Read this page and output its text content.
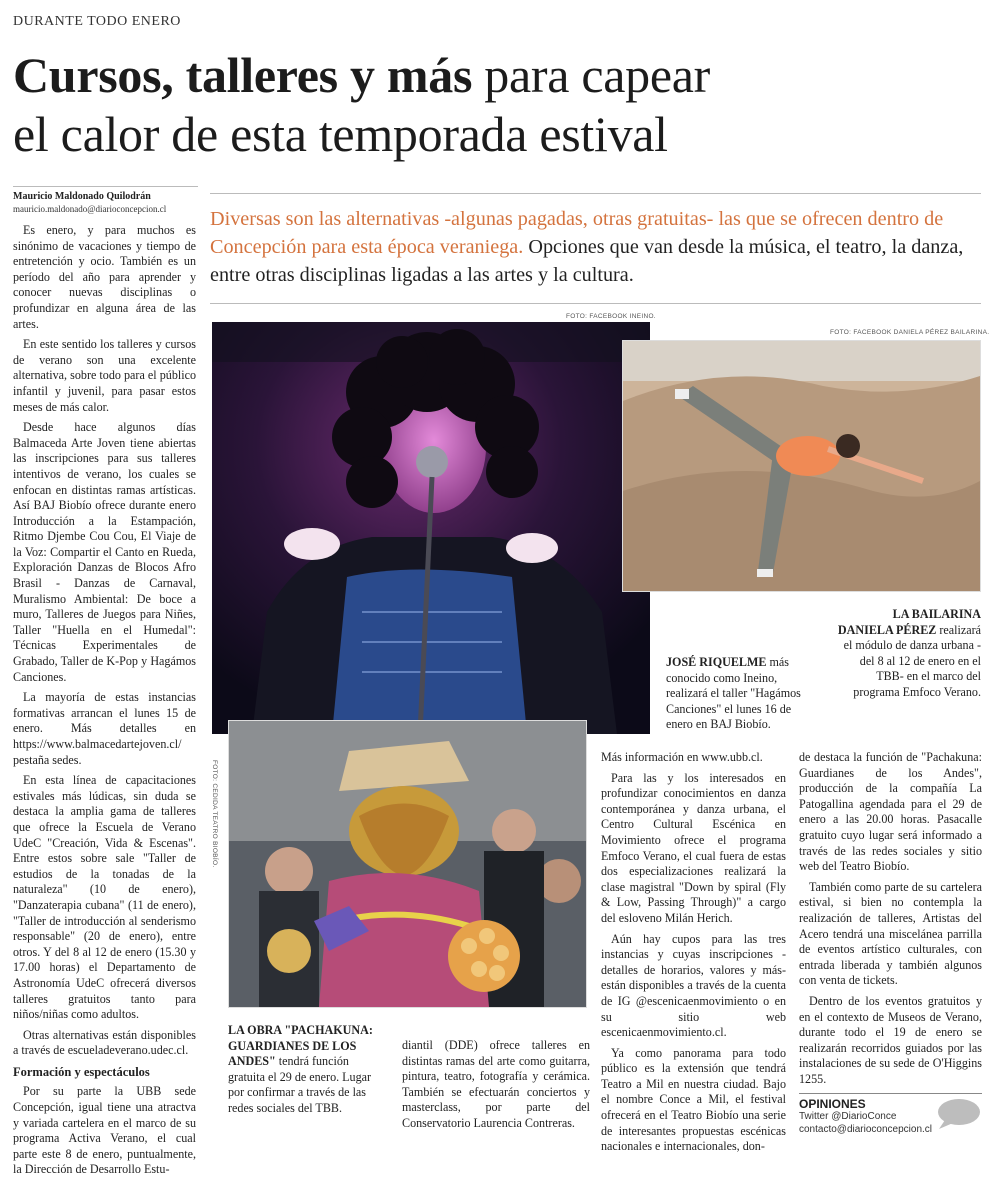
DURANTE TODO ENERO
Cursos, talleres y más para capear
el calor de esta temporada estival
Mauricio Maldonado Quilodrán
mauricio.maldonado@diarioconcepcion.cl	Diversas son las alternativas -algunas pagadas, otras gratuitas- las que se ofrecen dentro de Concepción para esta época veraniega. Opciones que van desde la música, el teatro, la danza, entre otras disciplinas ligadas a las artes y la cultura.

Es enero, y para muchos es sinónimo de vacaciones y tiempo de entretención y ocio. También es un período del año para aprender y conocer nuevas disciplinas o profundizar en alguna área de las artes.

En este sentido los talleres y cursos de verano son una excelente alternativa, sobre todo para el público infantil y juvenil, para pasar estos meses de más calor.

Desde hace algunos días Balmaceda Arte Joven tiene abiertas las inscripciones para sus talleres intentivos de verano, los cuales se enfocan en distintas ramas artísticas. Así BAJ Biobío ofrece durante enero Introducción a la Estampación, Ritmo Djembe Cou Cou, El Viaje de la Voz: Compartir el Canto en Rueda, Exploración Danzas de Blocos Afro Brasil - Danzas de Carnaval, Muralismo Ambiental: De boce a muro, Talleres de Juegos para Niñes, Taller "Huella en el Humedal": Técnicas Experimentales de Grabado, Taller de K-Pop y Hagámos Canciones.

La mayoría de estas instancias formativas arrancan el lunes 15 de enero. Más detalles en https://www.balmacedartejoven.cl/ pestaña sedes.

En esta línea de capacitaciones estivales más lúdicas, sin duda se destaca la amplia gama de talleres que ofrece la Escuela de Verano UdeC "Creación, Vida & Escenas". Entre estos sobre sale "Taller de estudios de la tonadas de la naturaleza" (10 de enero), "Danzaterapia cubana" (11 de enero), "Taller de introducción al senderismo responsable" (20 de enero), entre otros. Y del 8 al 12 de enero (15.30 y 17.00 horas) el Departamento de Astronomía UdeC ofrecerá diversos talleres gratuitos tanto para niños/niñas como adultos.

Otras alternativas están disponibles a través de escueladeverano.udec.cl.

Formación y espectáculos

Por su parte la UBB sede Concepción, igual tiene una atractva y variada cartelera en el marco de su programa Activa Verano, el cual parte este 8 de enero, puntualmente, la Dirección de Desarrollo Estu-

FOTO: FACEBOOK INEINO.
FOTO: FACEBOOK DANIELA PÉREZ BAILARINA.
LA BAILARINA DANIELA PÉREZ realizará el módulo de danza urbana - del 8 al 12 de enero en el TBB- en el marco del programa Emfoco Verano.
JOSÉ RIQUELME más conocido como Ineino, realizará el taller "Hagámos Canciones" el lunes 16 de enero en BAJ Biobío.
FOTO: CEDIDA TEATRO BIOBÍO.
LA OBRA "PACHAKUNA: GUARDIANES DE LOS ANDES" tendrá función gratuita el 29 de enero. Lugar por confirmar a través de las redes sociales del TBB.

diantil (DDE) ofrece talleres en distintas ramas del arte como guitarra, pintura, teatro, fotografía y cerámica. También se efectuarán conciertos y masterclass, por parte del Conservatorio Laurencia Contreras.

Más información en www.ubb.cl.

Para las y los interesados en profundizar conocimientos en danza contemporánea y danza urbana, el Centro Cultural Escénica en Movimiento ofrece el programa Emfoco Verano, el cual fuera de estas dos especializaciones realizará la clase magistral "Down by spiral (Fly & Low, Passing Through)" a cargo del esloveno Milán Herich.

Aún hay cupos para las tres instancias y cuyas inscripciones -detalles de horarios, valores y más- están disponibles a través de la cuenta de IG @escenicaenmovimiento o en su sitio web escenicaenmovimiento.cl.

Ya como panorama para todo público es la extensión que tendrá Teatro a Mil en nuestra ciudad. Bajo el nombre Conce a Mil, el festival ofrecerá en el Teatro Biobío una serie de interesantes propuestas escénicas nacionales e internacionales, don-

de destaca la función de "Pachakuna: Guardianes de los Andes", producción de la compañía La Patogallina agendada para el 29 de enero a las 20.00 horas. Pasacalle gratuito cuyo lugar será informado a través de las redes sociales y sitio web del Teatro Biobío.

También como parte de su cartelera estival, si bien no contempla la realización de talleres, Artistas del Acero tendrá una miscelánea parrilla de eventos artístico culturales, con entrada liberada y también algunos con venta de tickets.

Dentro de los eventos gratuitos y en el contexto de Museos de Verano, durante todo el 19 de enero se realizarán recorridos guiados por las instalaciones de su sede de O'Higgins 1255.

OPINIONES
Twitter @DiarioConce
contacto@diarioconcepcion.cl
